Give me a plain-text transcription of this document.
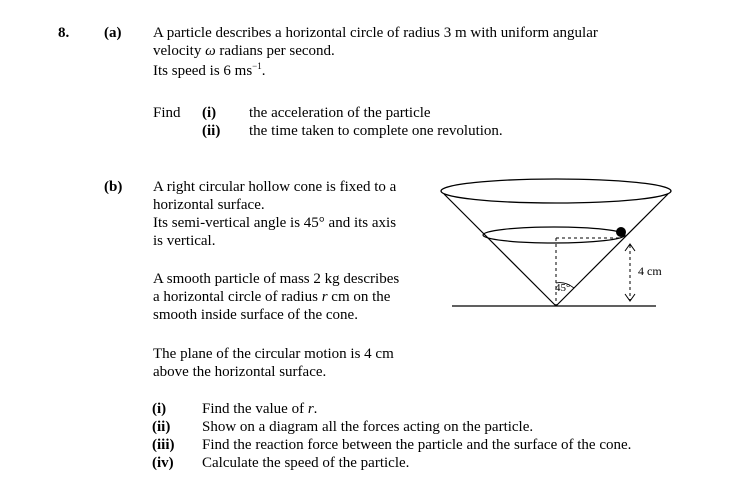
8. (a) A particle describes a horizontal circle of radius 3 m with uniform angular
velocity ω radians per second.
Its speed is 6 $ms^{-1}$.
Find (i) the acceleration of the particle
(ii) the time taken to complete one revolution.
(b) A right circular hollow cone is fixed to a
horizontal surface.
Its semi-vertical angle is 45° and its axis
is vertical.
A smooth particle of mass 2 kg describes
a horizontal circle of radius r cm on the
smooth inside surface of the cone.
The plane of the circular motion is 4 cm
above the horizontal surface.
(i) Find the value of r.
(ii) Show on a diagram all the forces acting on the particle.
(iii) Find the reaction force between the particle and the surface of the cone.
(iv) Calculate the speed of the particle.
4 cm
45°
